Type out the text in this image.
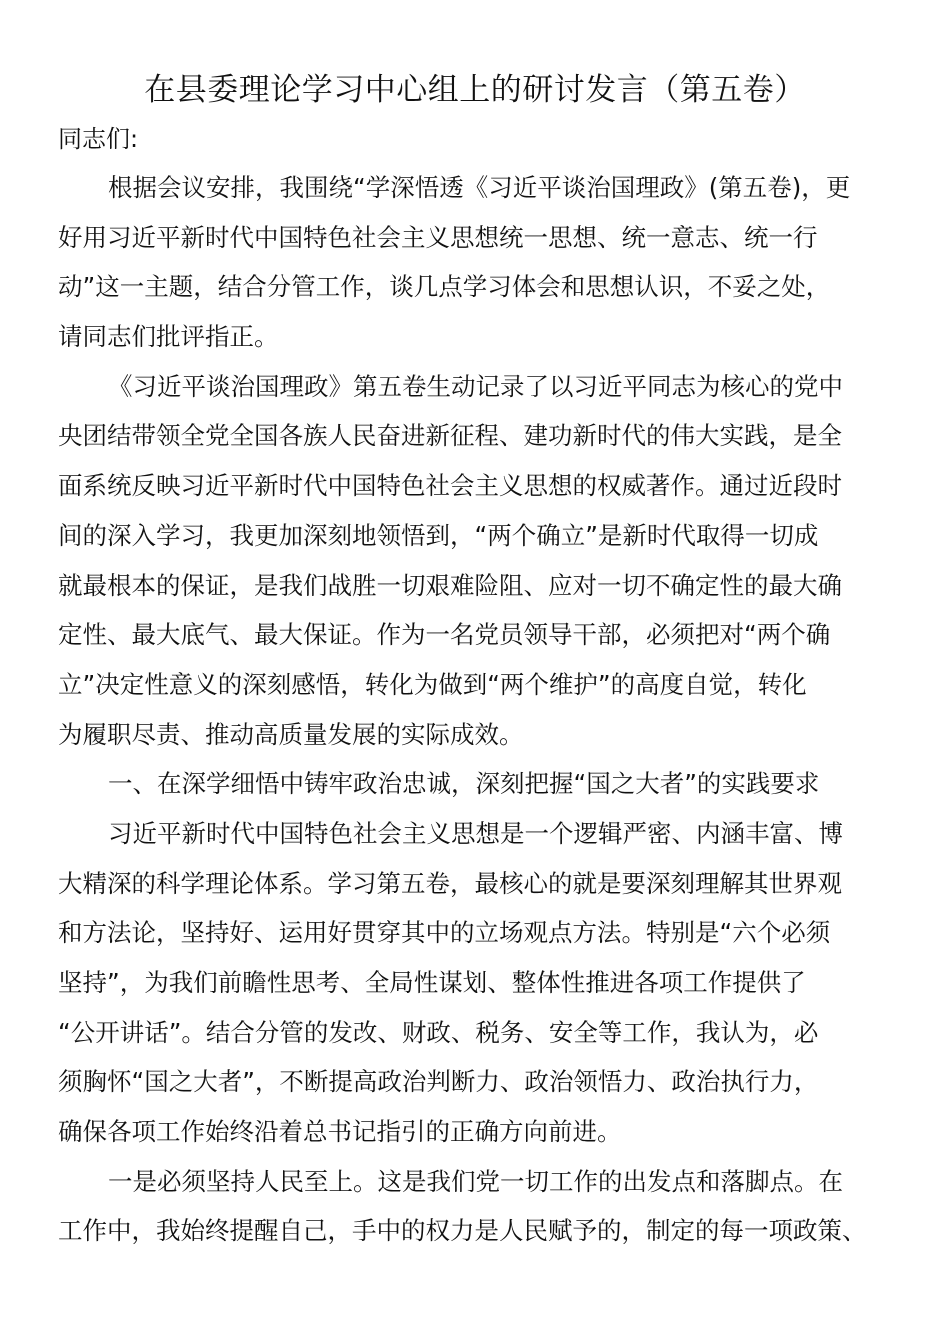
在县委理论学习中心组上的研讨发言（第五卷）
同志们:
根据会议安排，我围绕“学深悟透《习近平谈治国理政》(第五卷)，更
好用习近平新时代中国特色社会主义思想统一思想、统一意志、统一行
动”这一主题，结合分管工作，谈几点学习体会和思想认识，不妥之处，
请同志们批评指正。
《习近平谈治国理政》第五卷生动记录了以习近平同志为核心的党中
央团结带领全党全国各族人民奋进新征程、建功新时代的伟大实践，是全
面系统反映习近平新时代中国特色社会主义思想的权威著作。通过近段时
间的深入学习，我更加深刻地领悟到，“两个确立”是新时代取得一切成
就最根本的保证，是我们战胜一切艰难险阻、应对一切不确定性的最大确
定性、最大底气、最大保证。作为一名党员领导干部，必须把对“两个确
立”决定性意义的深刻感悟，转化为做到“两个维护”的高度自觉，转化
为履职尽责、推动高质量发展的实际成效。
一、在深学细悟中铸牢政治忠诚，深刻把握“国之大者”的实践要求
习近平新时代中国特色社会主义思想是一个逻辑严密、内涵丰富、博
大精深的科学理论体系。学习第五卷，最核心的就是要深刻理解其世界观
和方法论，坚持好、运用好贯穿其中的立场观点方法。特别是“六个必须
坚持”，为我们前瞻性思考、全局性谋划、整体性推进各项工作提供了
“公开讲话”。结合分管的发改、财政、税务、安全等工作，我认为，必
须胸怀“国之大者”，不断提高政治判断力、政治领悟力、政治执行力，
确保各项工作始终沿着总书记指引的正确方向前进。
一是必须坚持人民至上。这是我们党一切工作的出发点和落脚点。在
工作中，我始终提醒自己，手中的权力是人民赋予的，制定的每一项政策、
